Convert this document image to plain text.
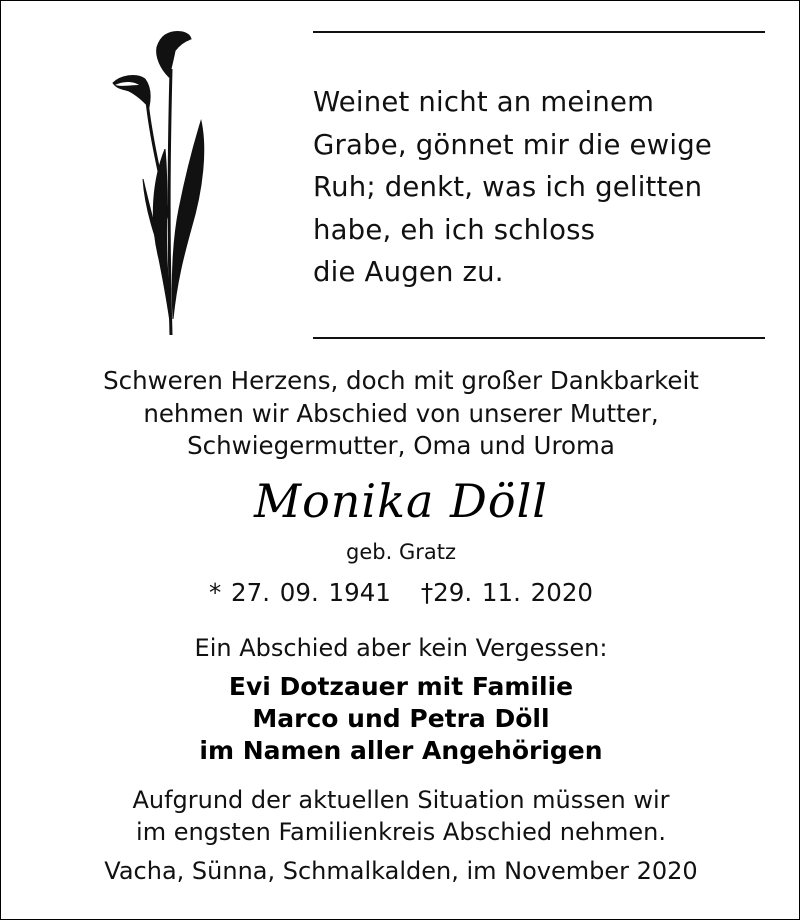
Weinet nicht an meinem
Grabe, gönnet mir die ewige
Ruh; denkt, was ich gelitten
habe, eh ich schloss
die Augen zu.
Schweren Herzens, doch mit großer Dankbarkeit
nehmen wir Abschied von unserer Mutter,
Schwiegermutter, Oma und Uroma
Monika Döll
geb. Gratz
* 27. 09. 1941 †29. 11. 2020
Ein Abschied aber kein Vergessen:
Evi Dotzauer mit Familie
Marco und Petra Döll
im Namen aller Angehörigen
Aufgrund der aktuellen Situation müssen wir
im engsten Familienkreis Abschied nehmen.
Vacha, Sünna, Schmalkalden, im November 2020
